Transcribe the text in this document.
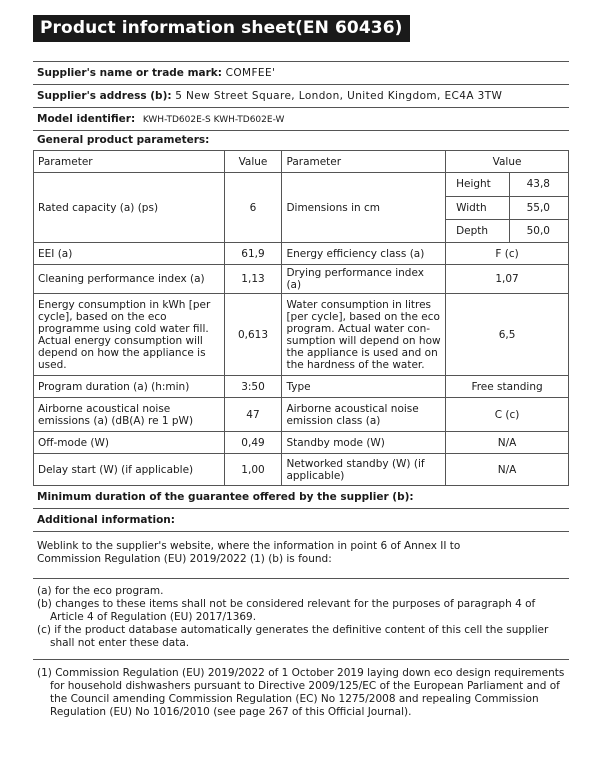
Product information sheet(EN 60436)
Supplier's name or trade mark: COMFEE'
Supplier's address (b): 5 New Street Square, London, United Kingdom, EC4A 3TW
Model identifier: KWH-TD602E-S KWH-TD602E-W
General product parameters:
Parameter	Value	Parameter	Value
Rated capacity (a) (ps)	6	Dimensions in cm	
Height	43,8
Width	55,0
Depth	50,0

EEI (a)	61,9	Energy efficiency class (a)	F (c)
Cleaning performance index (a)	1,13	Drying performance index (a)	1,07
Energy consumption in kWh [per cycle], based on the eco programme using cold water fill. Actual energy consumption will depend on how the appliance is used.	0,613	Water consumption in litres [per cycle], based on the eco program. Actual water con-sumption will depend on how the appliance is used and on the hardness of the water.	6,5
Program duration (a) (h:min)	3:50	Type	Free standing
Airborne acoustical noise emissions (a) (dB(A) re 1 pW)	47	Airborne acoustical noise emission class (a)	C (c)
Off-mode (W)	0,49	Standby mode (W)	N/A
Delay start (W) (if applicable)	1,00	Networked standby (W) (if applicable)	N/A
Minimum duration of the guarantee offered by the supplier (b):
Additional information:
Weblink to the supplier's website, where the information in point 6 of Annex II to Commission Regulation (EU) 2019/2022 (1) (b) is found:
(a) for the eco program.
(b) changes to these items shall not be considered relevant for the purposes of paragraph 4 of Article 4 of Regulation (EU) 2017/1369.
(c) if the product database automatically generates the definitive content of this cell the supplier shall not enter these data.
(1) Commission Regulation (EU) 2019/2022 of 1 October 2019 laying down eco design requirements for household dishwashers pursuant to Directive 2009/125/EC of the European Parliament and of the Council amending Commission Regulation (EC) No 1275/2008 and repealing Commission Regulation (EU) No 1016/2010 (see page 267 of this Official Journal).
